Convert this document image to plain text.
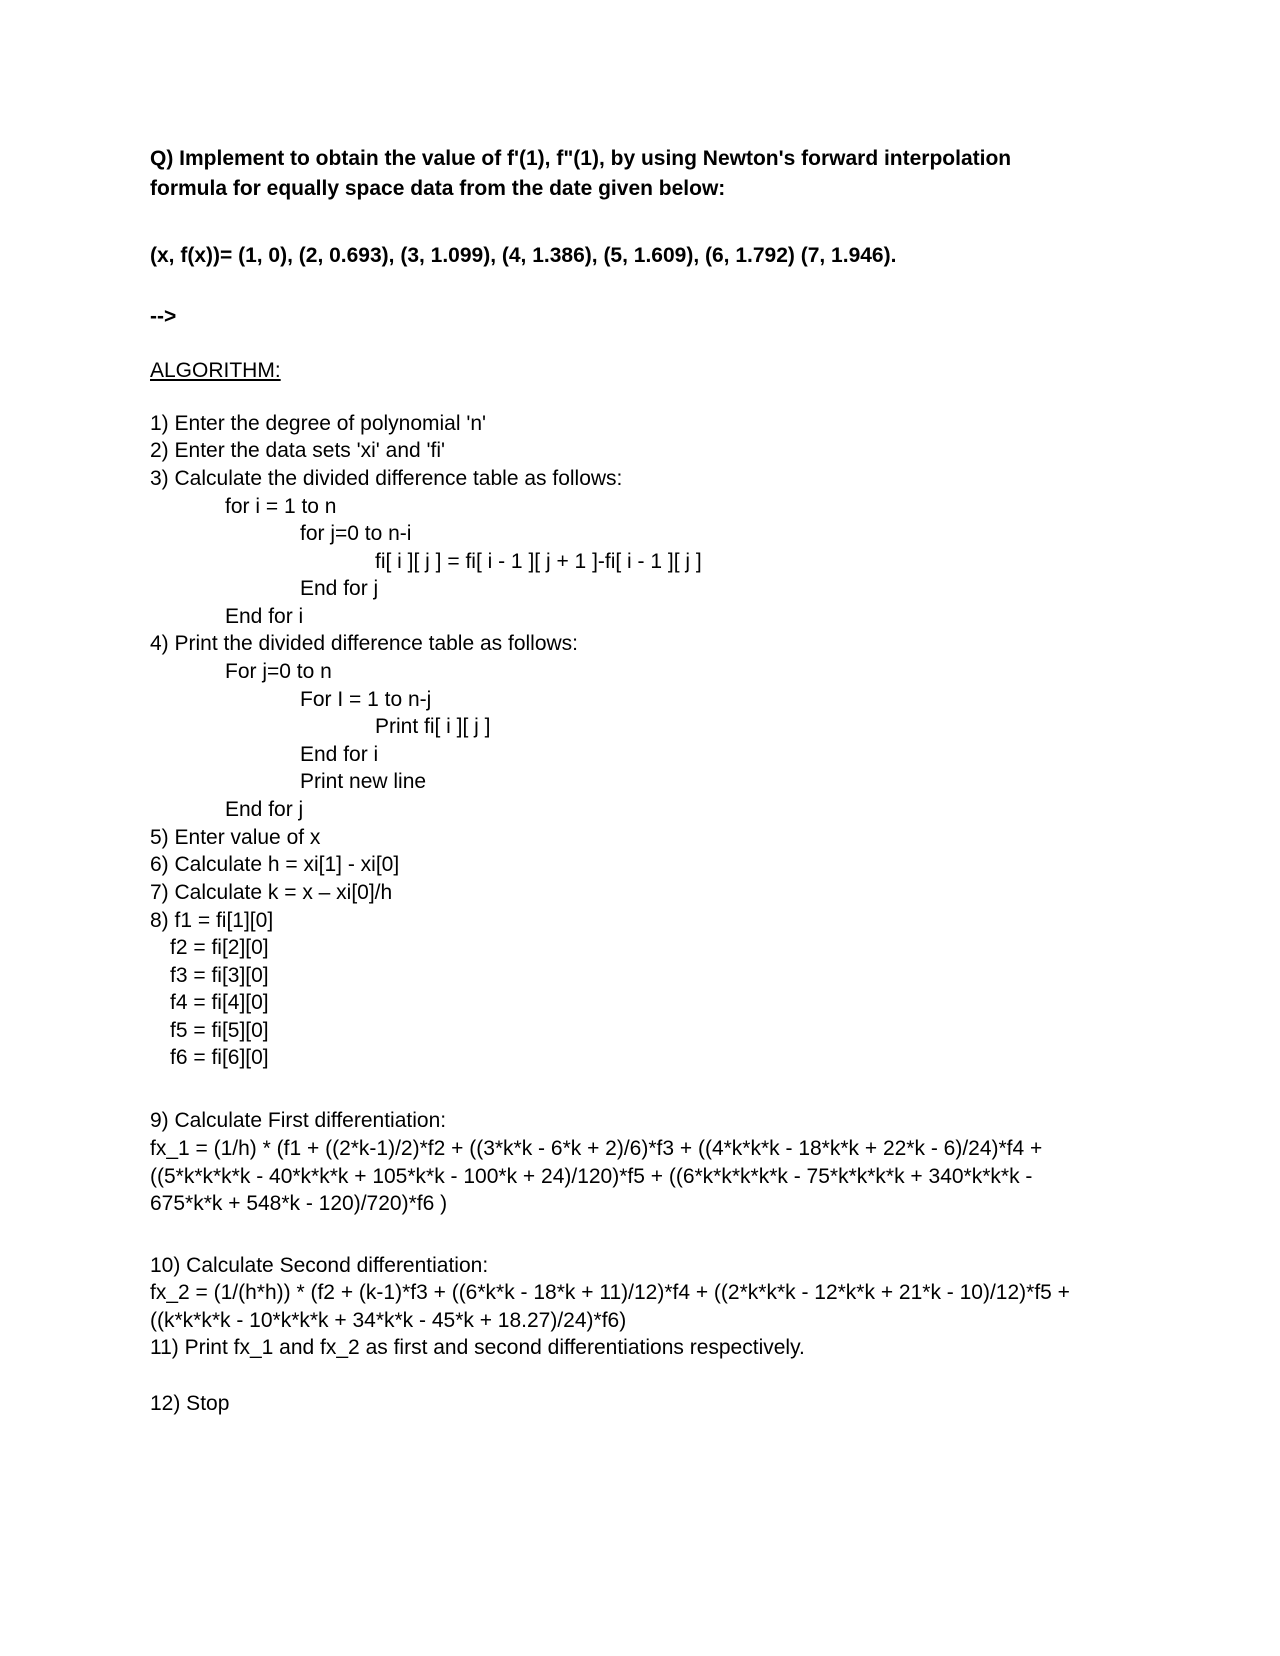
Q) Implement to obtain the value of f'(1), f"(1), by using Newton's forward interpolation
formula for equally space data from the date given below:
(x, f(x))= (1, 0), (2, 0.693), (3, 1.099), (4, 1.386), (5, 1.609), (6, 1.792) (7, 1.946).
-->
ALGORITHM:
1) Enter the degree of polynomial 'n'
2) Enter the data sets 'xi' and 'fi'
3) Calculate the divided difference table as follows:
for i = 1 to n
for j=0 to n-i
fi[ i ][ j ] = fi[ i - 1 ][ j + 1 ]-fi[ i - 1 ][ j ]
End for j
End for i
4) Print the divided difference table as follows:
For j=0 to n
For I = 1 to n-j
Print fi[ i ][ j ]
End for i
Print new line
End for j
5) Enter value of x
6) Calculate h = xi[1] - xi[0]
7) Calculate k = x – xi[0]/h
8) f1 = fi[1][0]
f2 = fi[2][0]
f3 = fi[3][0]
f4 = fi[4][0]
f5 = fi[5][0]
f6 = fi[6][0]
9) Calculate First differentiation:
fx_1 = (1/h) * (f1 + ((2*k-1)/2)*f2 + ((3*k*k - 6*k + 2)/6)*f3 + ((4*k*k*k - 18*k*k + 22*k - 6)/24)*f4 +
((5*k*k*k*k - 40*k*k*k + 105*k*k - 100*k + 24)/120)*f5 + ((6*k*k*k*k*k - 75*k*k*k*k + 340*k*k*k -
675*k*k + 548*k - 120)/720)*f6 )
10) Calculate Second differentiation:
fx_2 = (1/(h*h)) * (f2 + (k-1)*f3 + ((6*k*k - 18*k + 11)/12)*f4 + ((2*k*k*k - 12*k*k + 21*k - 10)/12)*f5 +
((k*k*k*k - 10*k*k*k + 34*k*k - 45*k + 18.27)/24)*f6)
11) Print fx_1 and fx_2 as first and second differentiations respectively.
12) Stop
